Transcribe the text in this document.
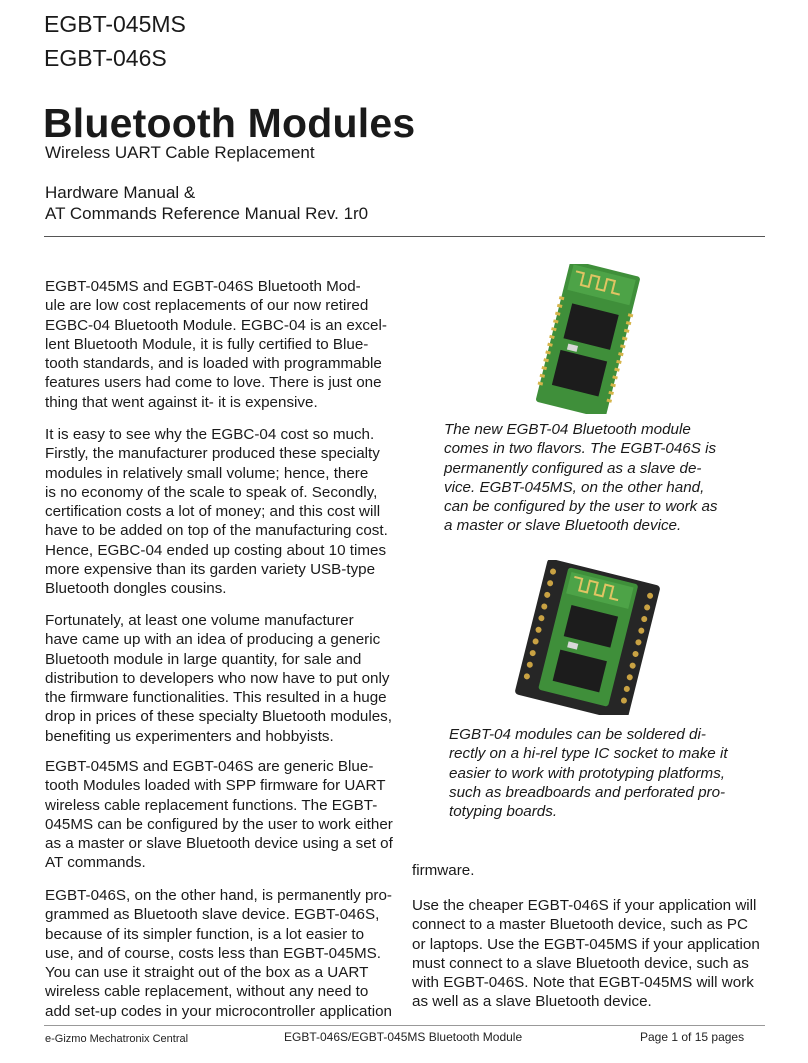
EGBT-045MS
EGBT-046S
Bluetooth Modules
Wireless UART Cable Replacement
Hardware Manual &
AT Commands Reference Manual Rev. 1r0
EGBT-045MS and EGBT-046S Bluetooth Mod-
ule are low cost replacements of our now retired
EGBC-04 Bluetooth Module. EGBC-04 is an excel-
lent Bluetooth Module, it is fully certified to Blue-
tooth standards, and is loaded with programmable
features users had come to love. There is just one
thing that went against it- it is expensive.
It is easy to see why the EGBC-04 cost so much.
Firstly, the manufacturer produced these specialty
modules in relatively small volume; hence, there
is no economy of the scale to speak of. Secondly,
certification costs a lot of money; and this cost will
have to be added on top of the manufacturing cost.
Hence, EGBC-04 ended up costing about 10 times
more expensive than its garden variety USB-type
Bluetooth dongles cousins.
Fortunately, at least one volume manufacturer
have came up with an idea of producing a generic
Bluetooth module in large quantity, for sale and
distribution to developers who now have to put only
the firmware functionalities. This resulted in a huge
drop in prices of these specialty Bluetooth modules,
benefiting us experimenters and hobbyists.
EGBT-045MS and EGBT-046S are generic Blue-
tooth Modules loaded with SPP firmware for UART
wireless cable replacement functions. The EGBT-
045MS can be configured by the user to work either
as a master or slave Bluetooth device using a set of
AT commands.
EGBT-046S, on the other hand, is permanently pro-
grammed as Bluetooth slave device. EGBT-046S,
because of its simpler function, is a lot easier to
use, and of course, costs less than EGBT-045MS.
You can use it straight out of the box as a UART
wireless cable replacement, without any need to
add set-up codes in your microcontroller application
The new EGBT-04 Bluetooth module
comes in two flavors. The EGBT-046S is
permanently configured as a slave de-
vice. EGBT-045MS, on the other hand,
can be configured by the user to work as
a master or slave Bluetooth device.
EGBT-04 modules can be soldered di-
rectly on a hi-rel type IC socket to make it
easier to work with prototyping platforms,
such as breadboards and perforated pro-
totyping boards.
firmware.
Use the cheaper EGBT-046S if your application will
connect to a master Bluetooth device, such as PC
or laptops. Use the EGBT-045MS if your application
must connect to a slave Bluetooth device, such as
with EGBT-046S. Note that EGBT-045MS will work
as well as a slave Bluetooth device.
e-Gizmo Mechatronix Central	EGBT-046S/EGBT-045MS Bluetooth Module	Page 1 of 15 pages
